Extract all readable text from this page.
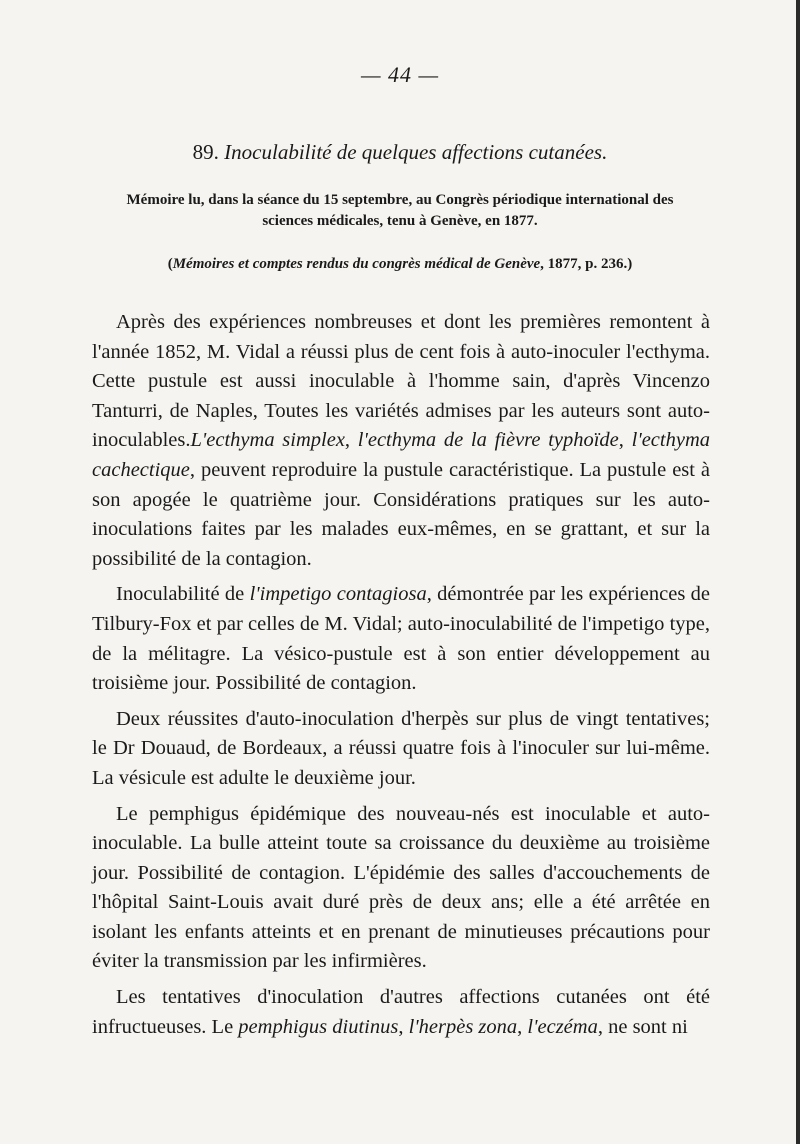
— 44 —
89. Inoculabilité de quelques affections cutanées.
Mémoire lu, dans la séance du 15 septembre, au Congrès périodique international des sciences médicales, tenu à Genève, en 1877.
(Mémoires et comptes rendus du congrès médical de Genève, 1877, p. 236.)

Après des expériences nombreuses et dont les premières remontent à l'année 1852, M. Vidal a réussi plus de cent fois à auto-inoculer l'ecthyma. Cette pustule est aussi inoculable à l'homme sain, d'après Vincenzo Tanturri, de Naples, Toutes les variétés admises par les auteurs sont auto-inoculables.L'ecthyma simplex, l'ecthyma de la fièvre typhoïde, l'ecthyma cachectique, peuvent reproduire la pustule caractéristique. La pustule est à son apogée le quatrième jour. Considérations pratiques sur les auto-inoculations faites par les malades eux-mêmes, en se grattant, et sur la possibilité de la contagion.

Inoculabilité de l'impetigo contagiosa, démontrée par les expériences de Tilbury-Fox et par celles de M. Vidal; auto-inoculabilité de l'impetigo type, de la mélitagre. La vésico-pustule est à son entier développement au troisième jour. Possibilité de contagion.

Deux réussites d'auto-inoculation d'herpès sur plus de vingt tentatives; le Dr Douaud, de Bordeaux, a réussi quatre fois à l'inoculer sur lui-même. La vésicule est adulte le deuxième jour.

Le pemphigus épidémique des nouveau-nés est inoculable et auto-inoculable. La bulle atteint toute sa croissance du deuxième au troisième jour. Possibilité de contagion. L'épidémie des salles d'accouchements de l'hôpital Saint-Louis avait duré près de deux ans; elle a été arrêtée en isolant les enfants atteints et en prenant de minutieuses précautions pour éviter la transmission par les infirmières.

Les tentatives d'inoculation d'autres affections cutanées ont été infructueuses. Le pemphigus diutinus, l'herpès zona, l'eczéma, ne sont ni
